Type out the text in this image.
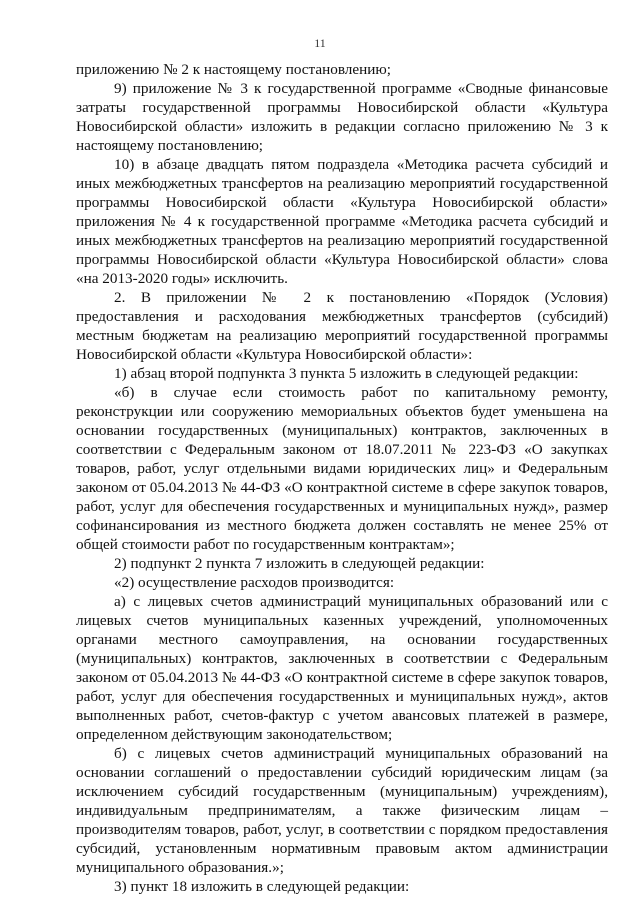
11

приложению № 2 к настоящему постановлению;

9) приложение № 3 к государственной программе «Сводные финансовые затраты государственной программы Новосибирской области «Культура Новосибирской области» изложить в редакции согласно приложению № 3 к настоящему постановлению;

10) в абзаце двадцать пятом подраздела «Методика расчета субсидий и иных межбюджетных трансфертов на реализацию мероприятий государственной программы Новосибирской области «Культура Новосибирской области» приложения № 4 к государственной программе «Методика расчета субсидий и иных межбюджетных трансфертов на реализацию мероприятий государственной программы Новосибирской области «Культура Новосибирской области» слова «на 2013-2020 годы» исключить.

2. В приложении № 2 к постановлению «Порядок (Условия) предоставления и расходования межбюджетных трансфертов (субсидий) местным бюджетам на реализацию мероприятий государственной программы Новосибирской области «Культура Новосибирской области»:

1) абзац второй подпункта 3 пункта 5 изложить в следующей редакции:

«б) в случае если стоимость работ по капитальному ремонту, реконструкции или сооружению мемориальных объектов будет уменьшена на основании государственных (муниципальных) контрактов, заключенных в соответствии с Федеральным законом от 18.07.2011 № 223-ФЗ «О закупках товаров, работ, услуг отдельными видами юридических лиц» и Федеральным законом от 05.04.2013 № 44-ФЗ «О контрактной системе в сфере закупок товаров, работ, услуг для обеспечения государственных и муниципальных нужд», размер софинансирования из местного бюджета должен составлять не менее 25% от общей стоимости работ по государственным контрактам»;

2) подпункт 2 пункта 7 изложить в следующей редакции:

«2) осуществление расходов производится:

а) с лицевых счетов администраций муниципальных образований или с лицевых счетов муниципальных казенных учреждений, уполномоченных органами местного самоуправления, на основании государственных (муниципальных) контрактов, заключенных в соответствии с Федеральным законом от 05.04.2013 № 44-ФЗ «О контрактной системе в сфере закупок товаров, работ, услуг для обеспечения государственных и муниципальных нужд», актов выполненных работ, счетов-фактур с учетом авансовых платежей в размере, определенном действующим законодательством;

б) с лицевых счетов администраций муниципальных образований на основании соглашений о предоставлении субсидий юридическим лицам (за исключением субсидий государственным (муниципальным) учреждениям), индивидуальным предпринимателям, а также физическим лицам – производителям товаров, работ, услуг, в соответствии с порядком предоставления субсидий, установленным нормативным правовым актом администрации муниципального образования.»;

3) пункт 18 изложить в следующей редакции:
